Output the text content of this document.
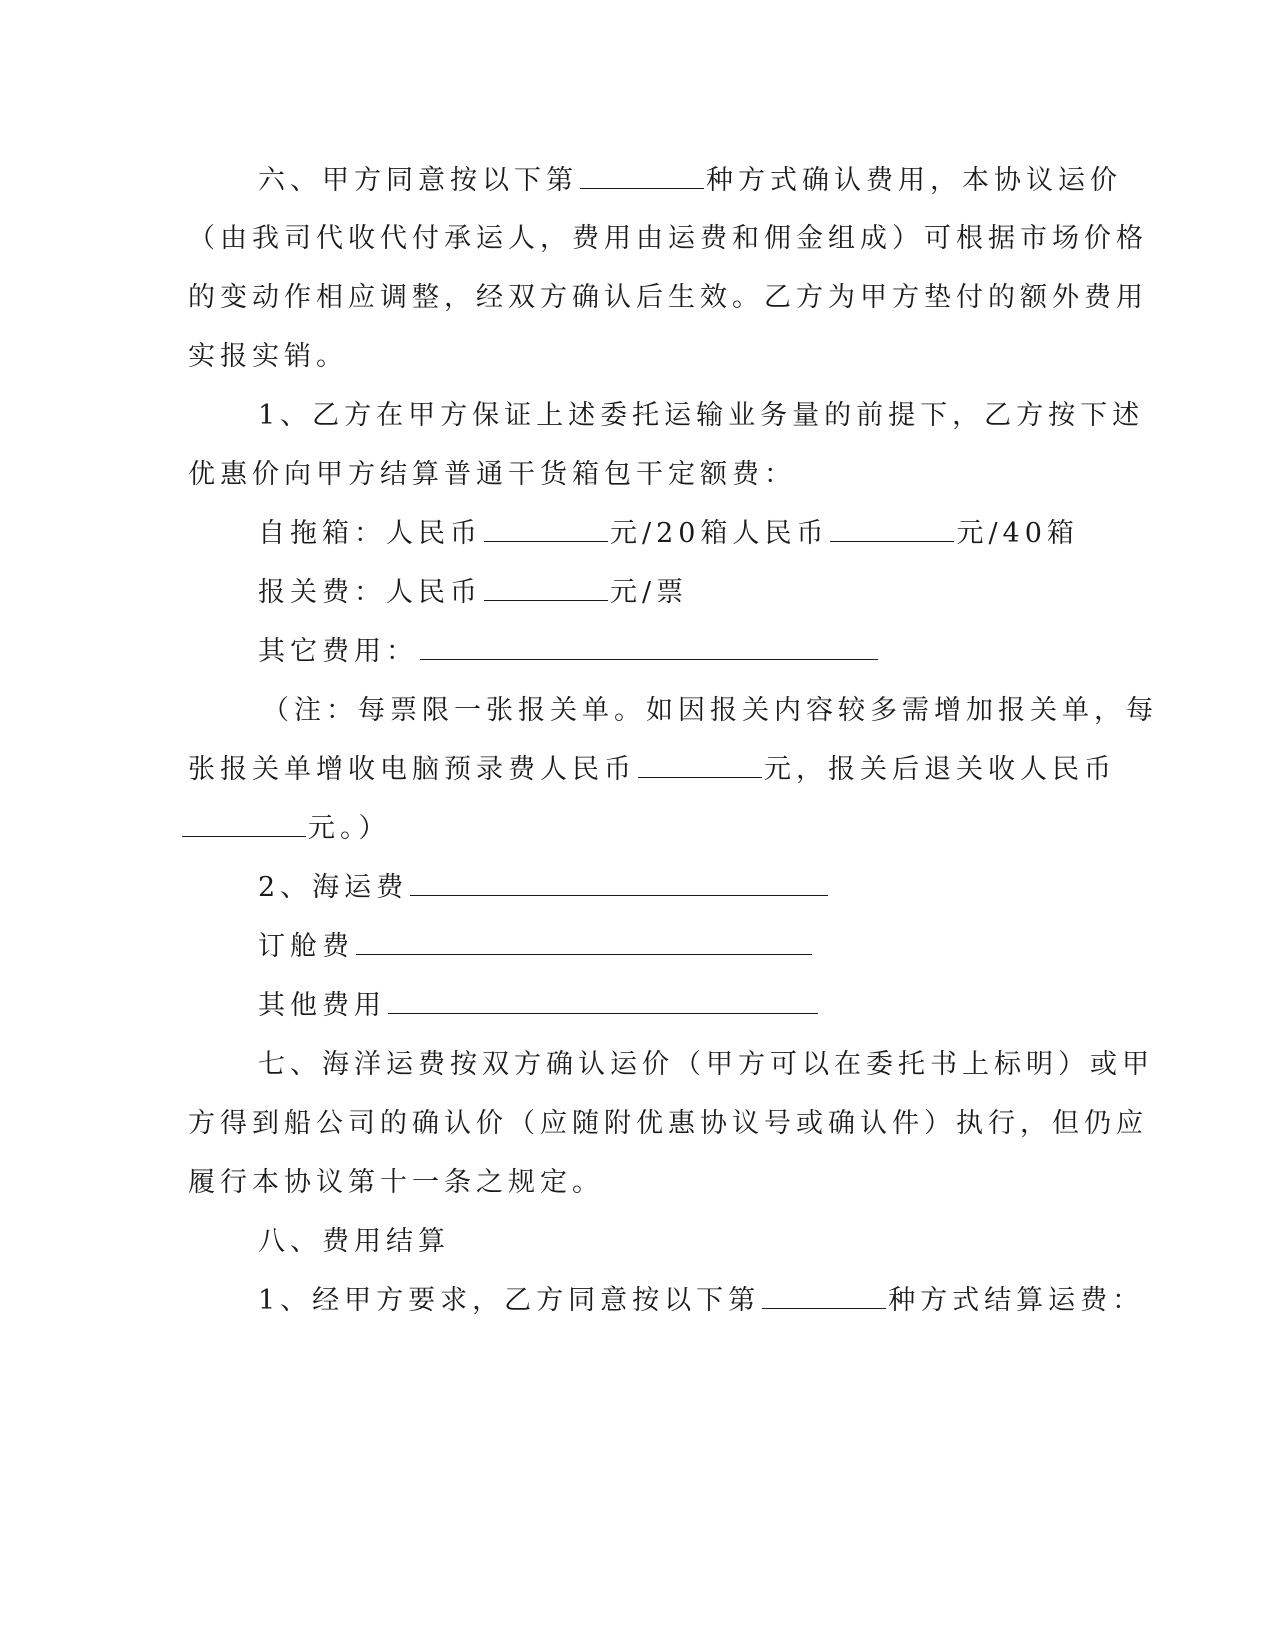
六、甲方同意按以下第	种方式确认费用，本协议运价
（由我司代收代付承运人，费用由运费和佣金组成）可根据市场价格
的变动作相应调整，经双方确认后生效。乙方为甲方垫付的额外费用
实报实销。
1、乙方在甲方保证上述委托运输业务量的前提下，乙方按下述
优惠价向甲方结算普通干货箱包干定额费：
自拖箱：人民币	元/20箱人民币	元/40箱
报关费：人民币	元/票
其它费用：
（注：每票限一张报关单。如因报关内容较多需增加报关单，每
张报关单增收电脑预录费人民币	元，报关后退关收人民币
元。）
2、海运费
订舱费
其他费用
七、海洋运费按双方确认运价（甲方可以在委托书上标明）或甲
方得到船公司的确认价（应随附优惠协议号或确认件）执行，但仍应
履行本协议第十一条之规定。
八、费用结算
1、经甲方要求，乙方同意按以下第	种方式结算运费：
